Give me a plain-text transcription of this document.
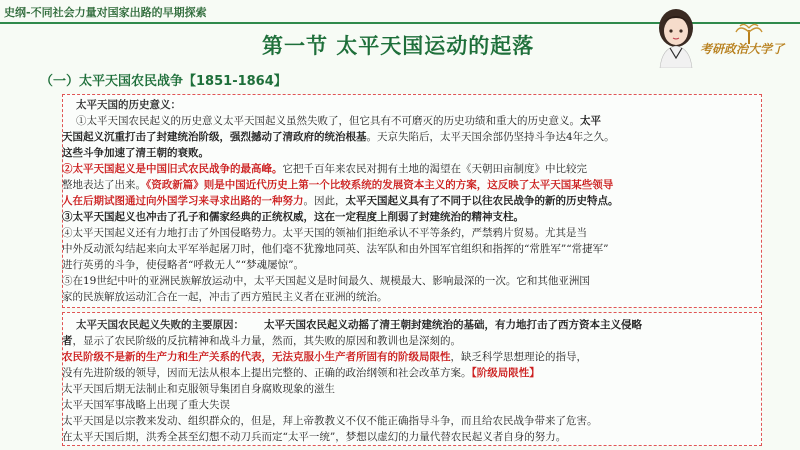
史纲-不同社会力量对国家出路的早期探索
第一节 太平天国运动的起落	考研政治大学了
（一）太平天国农民战争【1851-1864】
太平天国的历史意义：
①太平天国农民起义的历史意义太平天国起义虽然失败了，但它具有不可磨灭的历史功绩和重大的历史意义。太平
天国起义沉重打击了封建统治阶级，强烈撼动了清政府的统治根基。天京失陷后，太平天国余部仍坚持斗争达4年之久。
这些斗争加速了清王朝的衰败。
②太平天国起义是中国旧式农民战争的最高峰。它把千百年来农民对拥有土地的渴望在《天朝田亩制度》中比较完
整地表达了出来。《资政新篇》则是中国近代历史上第一个比较系统的发展资本主义的方案，这反映了太平天国某些领导
人在后期试图通过向外国学习来寻求出路的一种努力。因此，太平天国起义具有了不同于以往农民战争的新的历史特点。
③太平天国起义也冲击了孔子和儒家经典的正统权威，这在一定程度上削弱了封建统治的精神支柱。
④太平天国起义还有力地打击了外国侵略势力。太平天国的领袖们拒绝承认不平等条约，严禁鸦片贸易。尤其是当
中外反动派勾结起来向太平军举起屠刀时，他们毫不犹豫地同英、法军队和由外国军官组织和指挥的“常胜军”“常捷军”
进行英勇的斗争，使侵略者“呼救无人”“梦魂屡惊”。
⑤在19世纪中叶的亚洲民族解放运动中，太平天国起义是时间最久、规模最大、影响最深的一次。它和其他亚洲国
家的民族解放运动汇合在一起，冲击了西方殖民主义者在亚洲的统治。
太平天国农民起义失败的主要原因： 太平天国农民起义动摇了清王朝封建统治的基础，有力地打击了西方资本主义侵略
者，显示了农民阶级的反抗精神和战斗力量，然而，其失败的原因和教训也是深刻的。
农民阶级不是新的生产力和生产关系的代表，无法克服小生产者所固有的阶级局限性，缺乏科学思想理论的指导，
没有先进阶级的领导，因而无法从根本上提出完整的、正确的政治纲领和社会改革方案。【阶级局限性】
太平天国后期无法制止和克服领导集团自身腐败现象的滋生
太平天国军事战略上出现了重大失误
太平天国是以宗教来发动、组织群众的，但是，拜上帝教教义不仅不能正确指导斗争，而且给农民战争带来了危害。
在太平天国后期，洪秀全甚至幻想不动刀兵而定“太平一统”，梦想以虚幻的力量代替农民起义者自身的努力。
